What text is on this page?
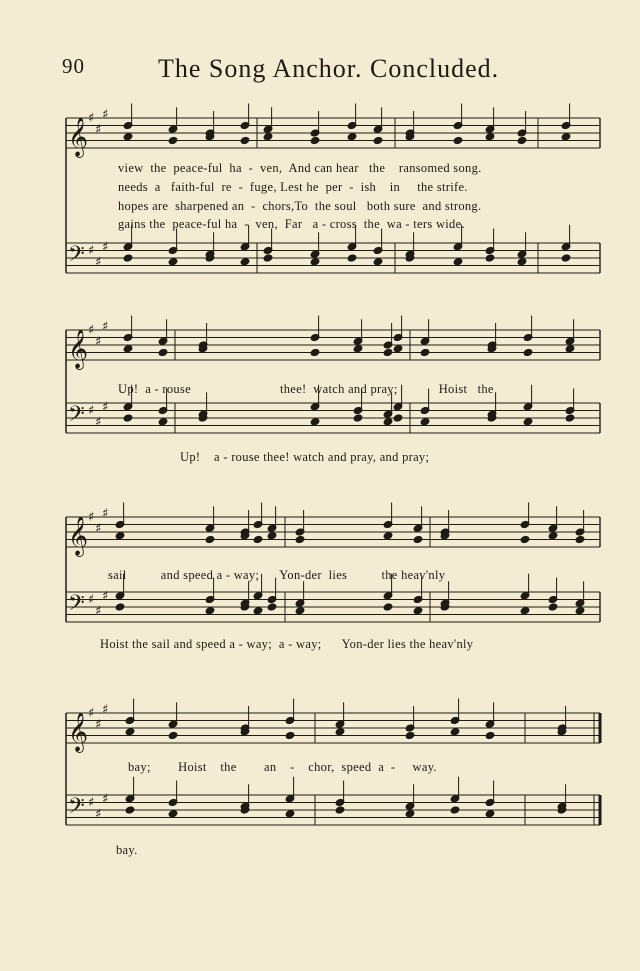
90	The Song Anchor. Concluded.
𝄞
𝄢
♯
♯
♯
♯
♯
♯
𝄞
𝄢
♯
♯
♯
♯
♯
♯
𝄞
𝄢
♯
♯
♯
♯
♯
♯
𝄞
𝄢
♯
♯
♯
♯
♯
♯
view  the  peace-ful  ha  -  ven,  And can hear   the    ransomed song.
needs  a   faith-ful  re  -  fuge, Lest he  per  -  ish    in     the strife.
hopes are  sharpened an  -  chors,To  the soul   both sure  and strong.
gains the  peace-ful ha  -  ven,  Far   a - cross  the  wa - ters wide.
Up!  a - rouse                          thee!  watch and pray;            Hoist   the
Up!    a - rouse thee! watch and pray, and pray;
sail          and speed a - way;      Yon-der  lies          the heav'nly
Hoist the sail and speed a - way;  a - way;      Yon-der lies the heav'nly
bay;        Hoist    the        an    -    chor,  speed  a  -     way.
bay.
